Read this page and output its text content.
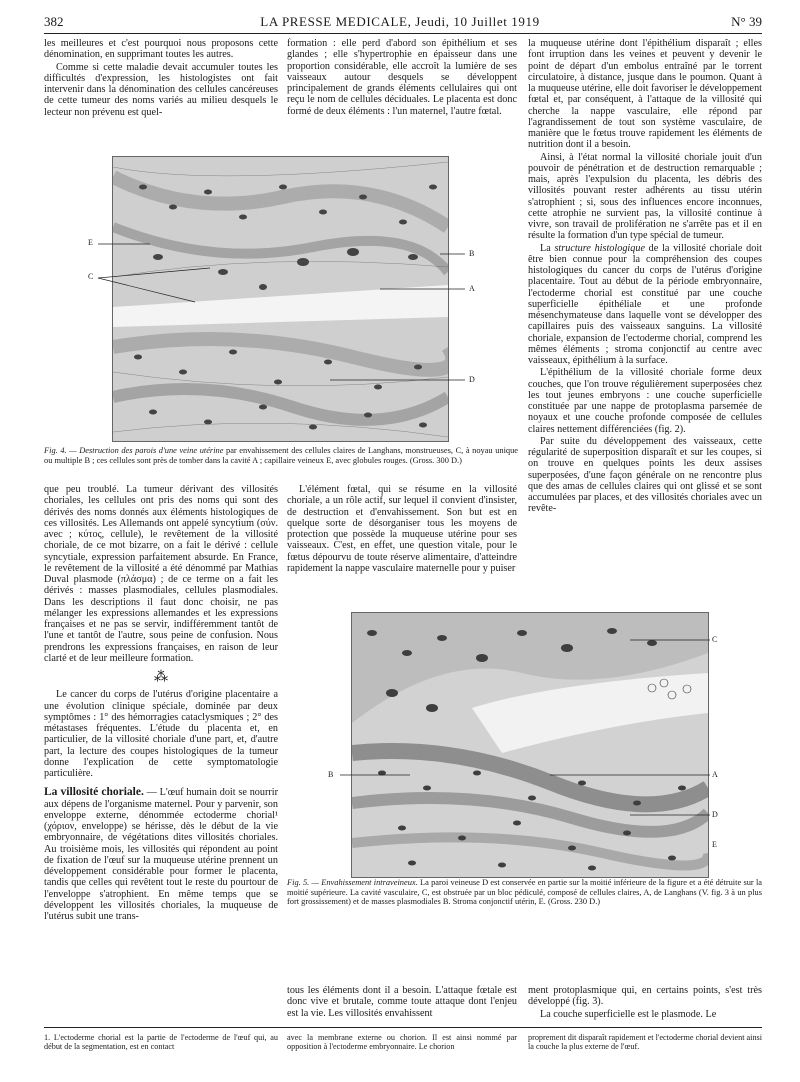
382	LA PRESSE MEDICALE, Jeudi, 10 Juillet 1919	N° 39

les meilleures et c'est pourquoi nous proposons cette dénomination, en supprimant toutes les autres.

Comme si cette maladie devait accumuler toutes les difficultés d'expression, les histologistes ont fait intervenir dans la dénomination des cellules cancéreuses de cette tumeur des noms variés au milieu desquels le lecteur non prévenu est quel-

formation : elle perd d'abord son épithélium et ses glandes ; elle s'hypertrophie en épaisseur dans une proportion considérable, elle accroît la lumière de ses vaisseaux autour desquels se développent principalement de grands éléments cellulaires qui ont reçu le nom de cellules déciduales. Le placenta est donc formé de deux éléments : l'un maternel, l'autre fœtal.

la muqueuse utérine dont l'épithélium disparaît ; elles font irruption dans les veines et peuvent y devenir le point de départ d'un embolus entraîné par le torrent circulatoire, à distance, jusque dans le poumon. Quant à la muqueuse utérine, elle doit favoriser le développement fœtal et, par conséquent, à l'attaque de la villosité qui cherche la nappe vasculaire, elle répond par l'agrandissement de tout son système vasculaire, de manière que le fœtus trouve rapidement les éléments de nutrition dont il a besoin.

Ainsi, à l'état normal la villosité choriale jouit d'un pouvoir de pénétration et de destruction remarquable ; mais, après l'expulsion du placenta, les débris des villosités pouvant rester adhérents au tissu utérin s'atrophient ; si, sous des influences encore inconnues, cette atrophie ne survient pas, la villosité continue à vivre, son travail de prolifération ne s'arrête pas et il en résulte la formation d'un type spécial de tumeur.

La structure histologique de la villosité choriale doit être bien connue pour la compréhension des coupes histologiques du cancer du corps de l'utérus d'origine placentaire. Tout au début de la période embryonnaire, l'ectoderme chorial est constitué par une couche superficielle épithéliale et une profonde mésenchymateuse dans laquelle vont se développer des capillaires puis des vaisseaux sanguins. La villosité choriale, expansion de l'ectoderme chorial, comprend les mêmes éléments ; stroma conjonctif au centre avec vaisseaux, épithélium à la surface.

L'épithélium de la villosité choriale forme deux couches, que l'on trouve régulièrement superposées chez les tout jeunes embryons : une couche superficielle constituée par une nappe de protoplasma parsemée de noyaux et une couche profonde composée de cellules claires nettement différenciées (fig. 2).

Par suite du développement des vaisseaux, cette régularité de superposition disparaît et sur les coupes, si on trouve en quelques points les deux assises superposées, d'une façon générale on ne rencontre plus que des amas de cellules claires qui ont glissé et se sont accumulées par places, et des villosités choriales avec un revête-

E
C
B
A
D
Fig. 4. — Destruction des parois d'une veine utérine par envahissement des cellules claires de Langhans, monstrueuses, C, à noyau unique ou multiple B ; ces cellules sont près de tomber dans la cavité A ; capillaire veineux E, avec globules rouges. (Gross. 300 D.)

que peu troublé. La tumeur dérivant des villosités choriales, les cellules ont pris des noms qui sont des dérivés des noms donnés aux éléments histologiques de ces villosités. Les Allemands ont appelé syncytium (σύν. avec ; κύτος, cellule), le revêtement de la villosité choriale, de ce mot bizarre, on a fait le dérivé : cellule syncytiale, expression parfaitement absurde. En France, le revêtement de la villosité a été dénommé par Mathias Duval plasmode (πλάσμα) ; de ce terme on a fait les dérivés : masses plasmodiales, cellules plasmodiales. Dans les descriptions il faut donc choisir, ne pas mélanger les expressions allemandes et les expressions françaises et ne pas se servir, indifféremment tantôt de l'une et tantôt de l'autre, sous peine de confusion. Nous prendrons les expressions françaises, en raison de leur clarté et de leur meilleure formation.

⁂

Le cancer du corps de l'utérus d'origine placentaire a une évolution clinique spéciale, dominée par deux symptômes : 1° des hémorragies cataclysmiques ; 2° des métastases fréquentes. L'étude du placenta et, en particulier, de la villosité choriale d'une part, et, d'autre part, la lecture des coupes histologiques de la tumeur donne l'explication de cette symptomatologie particulière.

La villosité choriale. — L'œuf humain doit se nourrir aux dépens de l'organisme maternel. Pour y parvenir, son enveloppe externe, dénommée ectoderme chorial¹ (χόριον, enveloppe) se hérisse, dès le début de la vie embryonnaire, de végétations dites villosités choriales. Au troisième mois, les villosités qui répondent au point de fixation de l'œuf sur la muqueuse utérine prennent un développement considérable pour former le placenta, tandis que celles qui revêtent tout le reste du pourtour de l'enveloppe s'atrophient. En même temps que se développent les villosités choriales, la muqueuse de l'utérus subit une trans-

L'élément fœtal, qui se résume en la villosité choriale, a un rôle actif, sur lequel il convient d'insister, de destruction et d'envahissement. Son but est en quelque sorte de désorganiser tous les moyens de protection que possède la muqueuse utérine pour ses vaisseaux. C'est, en effet, une question vitale, pour le fœtus dépourvu de toute réserve alimentaire, d'atteindre rapidement la nappe vasculaire maternelle pour y puiser

C
B	A
D
E
Fig. 5. — Envahissement intraveineux. La paroi veineuse D est conservée en partie sur la moitié inférieure de la figure et a été détruite sur la moitié supérieure. La cavité vasculaire, C, est obstruée par un bloc pédiculé, composé de cellules claires, A, de Langhans (V. fig. 3 à un plus fort grossissement) et de masses plasmodiales B. Stroma conjonctif utérin, E. (Gross. 230 D.)

tous les éléments dont il a besoin. L'attaque fœtale est donc vive et brutale, comme toute attaque dont l'enjeu est la vie. Les villosités envahissent

ment protoplasmique qui, en certains points, s'est très développé (fig. 3).

La couche superficielle est le plasmode. Le

1. L'ectoderme chorial est la partie de l'ectoderme de l'œuf qui, au début de la segmentation, est en contact
avec la membrane externe ou chorion. Il est ainsi nommé par opposition à l'ectoderme embryonnaire. Le chorion
proprement dit disparaît rapidement et l'ectoderme chorial devient ainsi la couche la plus externe de l'œuf.
